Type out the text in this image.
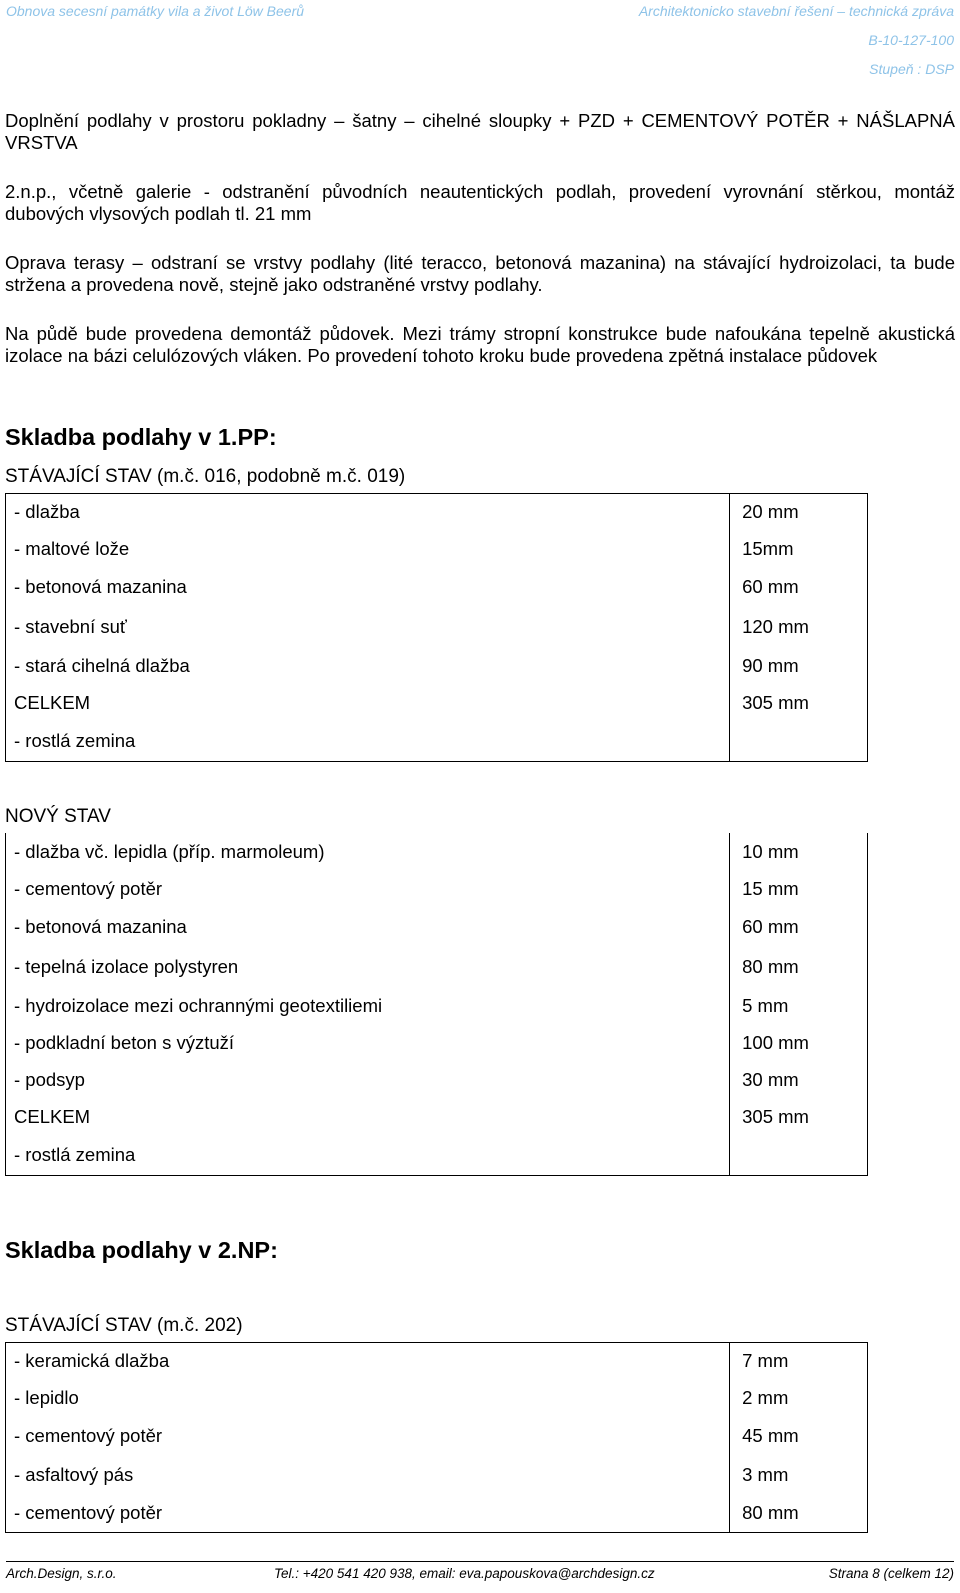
Obnova secesní památky vila a život Löw Beerů	Architektonicko stavební řešení – technická zpráva
B-10-127-100
Stupeň : DSP
Doplnění podlahy v prostoru pokladny – šatny – cihelné sloupky + PZD + CEMENTOVÝ POTĚR + NÁŠLAPNÁ VRSTVA
2.n.p., včetně galerie - odstranění původních neautentických podlah, provedení vyrovnání stěrkou, montáž dubových vlysových podlah tl. 21 mm
Oprava terasy – odstraní se vrstvy podlahy (lité teracco, betonová mazanina) na stávající hydroizolaci, ta bude stržena a provedena nově, stejně jako odstraněné vrstvy podlahy.
Na půdě bude provedena demontáž půdovek. Mezi trámy stropní konstrukce bude nafoukána tepelně akustická izolace na bázi celulózových vláken. Po provedení tohoto kroku bude provedena zpětná instalace půdovek
Skladba podlahy v 1.PP:
STÁVAJÍCÍ STAV (m.č. 016, podobně m.č. 019)
- dlažba	20 mm
- maltové lože	15mm
- betonová mazanina	60 mm
- stavební suť	120 mm
- stará cihelná dlažba	90 mm
CELKEM	305 mm
- rostlá zemina	
NOVÝ STAV
- dlažba vč. lepidla (příp. marmoleum)	10 mm
- cementový potěr	15 mm
- betonová mazanina	60 mm
- tepelná izolace polystyren	80 mm
- hydroizolace mezi ochrannými geotextiliemi	5 mm
- podkladní beton s výztuží	100 mm
- podsyp	30 mm
CELKEM	305 mm
- rostlá zemina	
Skladba podlahy v 2.NP:
STÁVAJÍCÍ STAV (m.č. 202)
- keramická dlažba	7 mm
- lepidlo	2 mm
- cementový potěr	45 mm
- asfaltový pás	3 mm
- cementový potěr	80 mm
Arch.Design, s.r.o.	Tel.: +420 541 420 938, email: eva.papouskova@archdesign.cz	Strana 8 (celkem 12)
